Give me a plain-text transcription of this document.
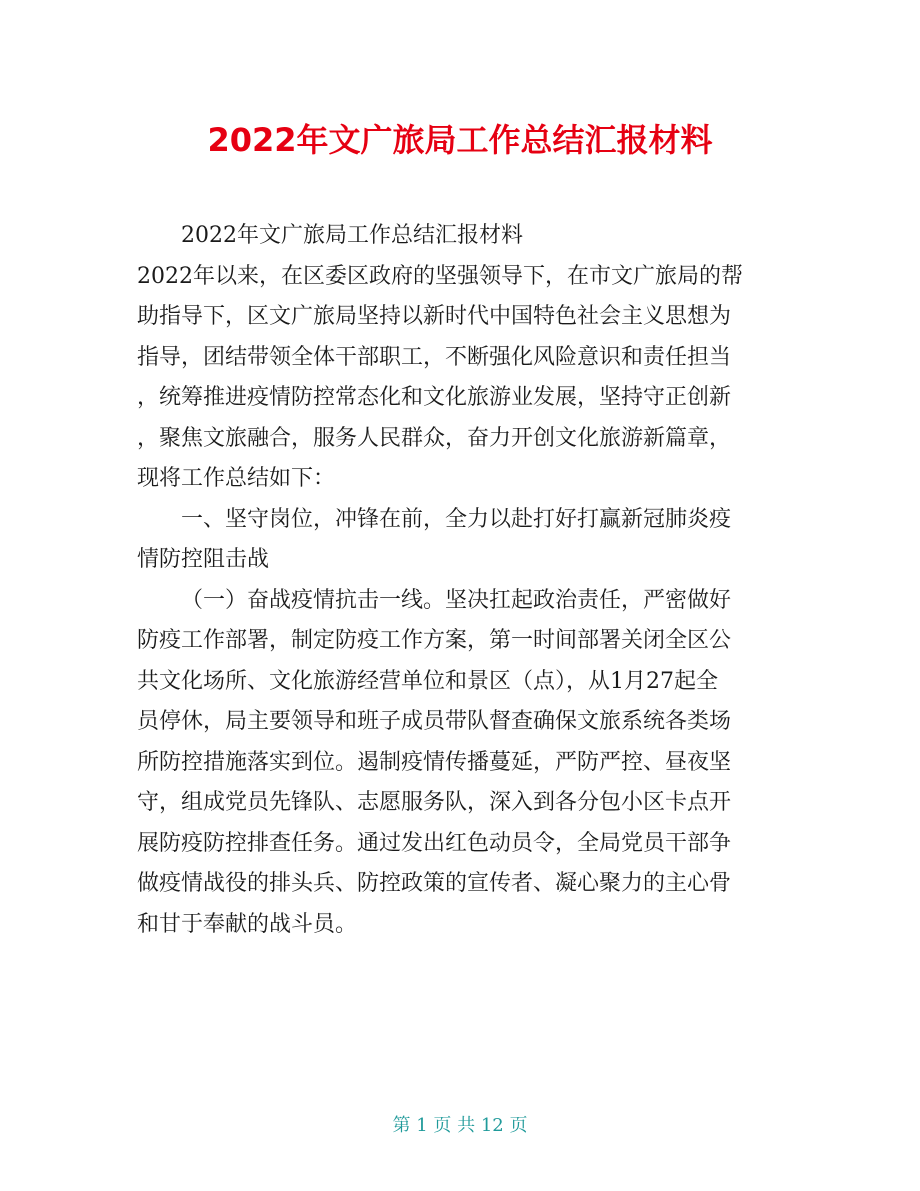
2022年文广旅局工作总结汇报材料
2022年文广旅局工作总结汇报材料
2022年以来，在区委区政府的坚强领导下，在市文广旅局的帮
助指导下，区文广旅局坚持以新时代中国特色社会主义思想为
指导，团结带领全体干部职工，不断强化风险意识和责任担当
，统筹推进疫情防控常态化和文化旅游业发展，坚持守正创新
，聚焦文旅融合，服务人民群众，奋力开创文化旅游新篇章，
现将工作总结如下：
一、坚守岗位，冲锋在前，全力以赴打好打赢新冠肺炎疫
情防控阻击战
（一）奋战疫情抗击一线。坚决扛起政治责任，严密做好
防疫工作部署，制定防疫工作方案，第一时间部署关闭全区公
共文化场所、文化旅游经营单位和景区（点），从1月27起全
员停休，局主要领导和班子成员带队督查确保文旅系统各类场
所防控措施落实到位。遏制疫情传播蔓延，严防严控、昼夜坚
守，组成党员先锋队、志愿服务队，深入到各分包小区卡点开
展防疫防控排查任务。通过发出红色动员令，全局党员干部争
做疫情战役的排头兵、防控政策的宣传者、凝心聚力的主心骨
和甘于奉献的战斗员。
第 1 页 共 12 页
